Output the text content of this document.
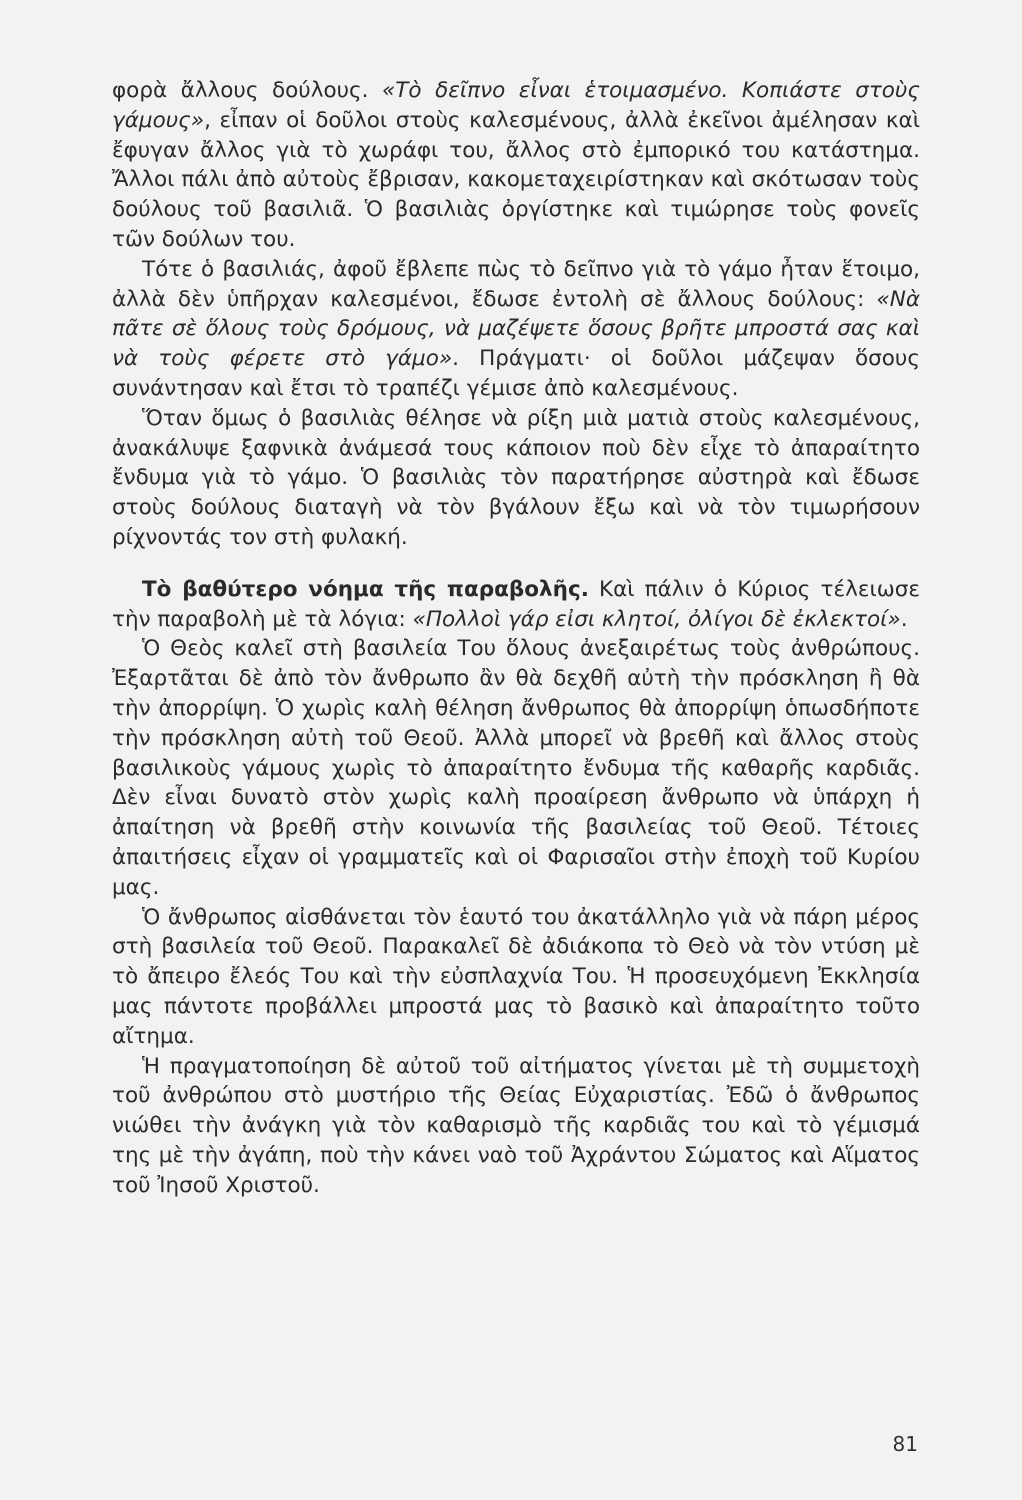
φορὰ ἄλλους δούλους. «Τὸ δεῖπνο εἶναι ἑτοιμασμένο. Κοπιάστε στοὺς γάμους», εἶπαν οἱ δοῦλοι στοὺς καλεσμένους, ἀλλὰ ἐκεῖνοι ἀμέλησαν καὶ ἔφυγαν ἄλλος γιὰ τὸ χωράφι του, ἄλλος στὸ ἐμπορικό του κατάστημα. Ἄλλοι πάλι ἀπὸ αὐτοὺς ἔβρισαν, κακομεταχειρίστηκαν καὶ σκότωσαν τοὺς δούλους τοῦ βασιλιᾶ. Ὁ βασιλιὰς ὀργίστηκε καὶ τιμώρησε τοὺς φονεῖς τῶν δούλων του.

Τότε ὁ βασιλιάς, ἀφοῦ ἔβλεπε πὼς τὸ δεῖπνο γιὰ τὸ γάμο ἦταν ἕτοιμο, ἀλλὰ δὲν ὑπῆρχαν καλεσμένοι, ἔδωσε ἐντολὴ σὲ ἄλλους δούλους: «Νὰ πᾶτε σὲ ὅλους τοὺς δρόμους, νὰ μαζέψετε ὅσους βρῆτε μπροστά σας καὶ νὰ τοὺς φέρετε στὸ γάμο». Πράγματι· οἱ δοῦλοι μάζεψαν ὅσους συνάντησαν καὶ ἔτσι τὸ τραπέζι γέμισε ἀπὸ καλεσμένους.

Ὅταν ὅμως ὁ βασιλιὰς θέλησε νὰ ρίξη μιὰ ματιὰ στοὺς καλεσμένους, ἀνακάλυψε ξαφνικὰ ἀνάμεσά τους κάποιον ποὺ δὲν εἶχε τὸ ἀπαραίτητο ἔνδυμα γιὰ τὸ γάμο. Ὁ βασιλιὰς τὸν παρατήρησε αὐστηρὰ καὶ ἔδωσε στοὺς δούλους διαταγὴ νὰ τὸν βγάλουν ἔξω καὶ νὰ τὸν τιμωρήσουν ρίχνοντάς τον στὴ φυλακή.

Τὸ βαθύτερο νόημα τῆς παραβολῆς. Καὶ πάλιν ὁ Κύριος τέλειωσε τὴν παραβολὴ μὲ τὰ λόγια: «Πολλοὶ γάρ εἰσι κλητοί, ὀλίγοι δὲ ἐκλεκτοί».

Ὁ Θεὸς καλεῖ στὴ βασιλεία Του ὅλους ἀνεξαιρέτως τοὺς ἀνθρώπους. Ἐξαρτᾶται δὲ ἀπὸ τὸν ἄνθρωπο ἂν θὰ δεχθῆ αὐτὴ τὴν πρόσκληση ἢ θὰ τὴν ἀπορρίψη. Ὁ χωρὶς καλὴ θέληση ἄνθρωπος θὰ ἀπορρίψη ὁπωσδήποτε τὴν πρόσκληση αὐτὴ τοῦ Θεοῦ. Ἀλλὰ μπορεῖ νὰ βρεθῆ καὶ ἄλλος στοὺς βασιλικοὺς γάμους χωρὶς τὸ ἀπαραίτητο ἔνδυμα τῆς καθαρῆς καρδιᾶς. Δὲν εἶναι δυνατὸ στὸν χωρὶς καλὴ προαίρεση ἄνθρωπο νὰ ὑπάρχη ἡ ἀπαίτηση νὰ βρεθῆ στὴν κοινωνία τῆς βασιλείας τοῦ Θεοῦ. Τέτοιες ἀπαιτήσεις εἶχαν οἱ γραμματεῖς καὶ οἱ Φαρισαῖοι στὴν ἐποχὴ τοῦ Κυρίου μας.

Ὁ ἄνθρωπος αἰσθάνεται τὸν ἑαυτό του ἀκατάλληλο γιὰ νὰ πάρη μέρος στὴ βασιλεία τοῦ Θεοῦ. Παρακαλεῖ δὲ ἀδιάκοπα τὸ Θεὸ νὰ τὸν ντύση μὲ τὸ ἄπειρο ἔλεός Του καὶ τὴν εὐσπλαχνία Του. Ἡ προσευχόμενη Ἐκκλησία μας πάντοτε προβάλλει μπροστά μας τὸ βασικὸ καὶ ἀπαραίτητο τοῦτο αἴτημα.

Ἡ πραγματοποίηση δὲ αὐτοῦ τοῦ αἰτήματος γίνεται μὲ τὴ συμμετοχὴ τοῦ ἀνθρώπου στὸ μυστήριο τῆς Θείας Εὐχαριστίας. Ἐδῶ ὁ ἄνθρωπος νιώθει τὴν ἀνάγκη γιὰ τὸν καθαρισμὸ τῆς καρδιᾶς του καὶ τὸ γέμισμά της μὲ τὴν ἀγάπη, ποὺ τὴν κάνει ναὸ τοῦ Ἀχράντου Σώματος καὶ Αἵματος τοῦ Ἰησοῦ Χριστοῦ.

81
